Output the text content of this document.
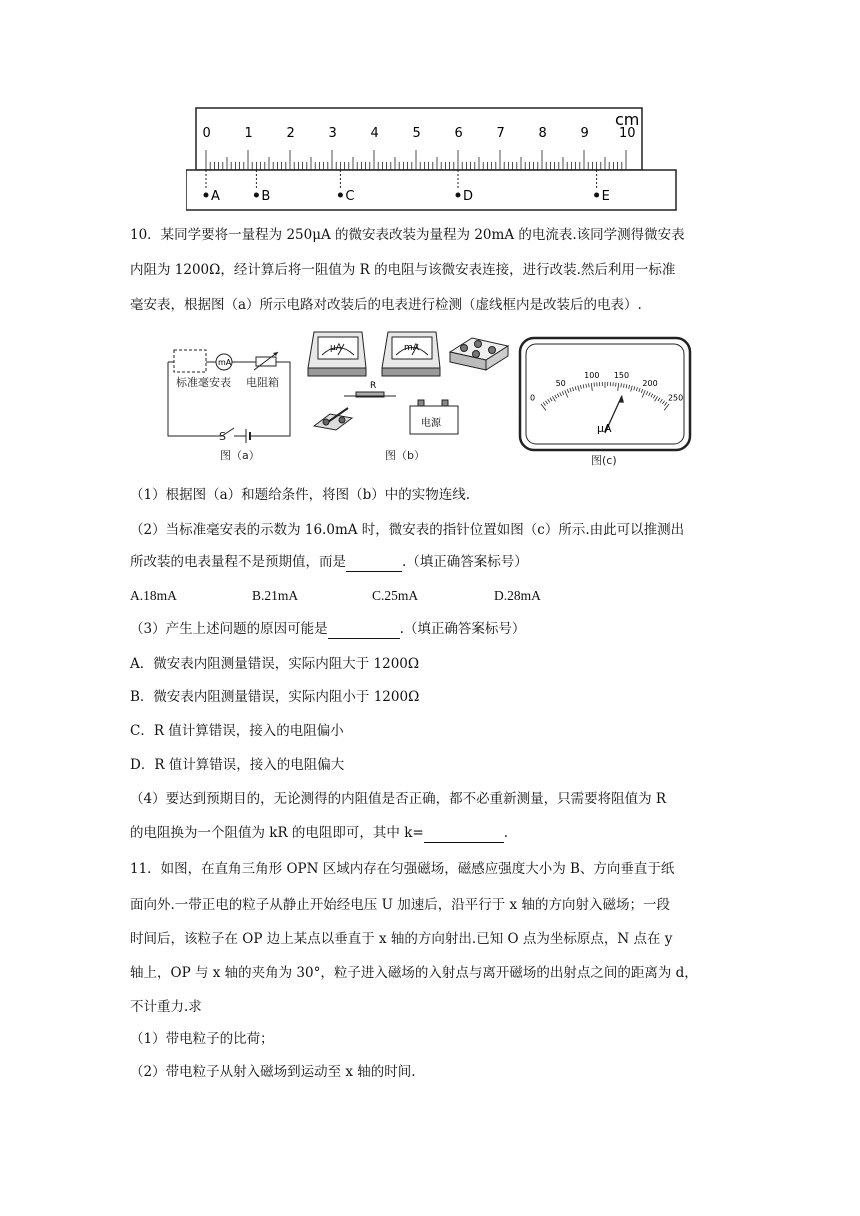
0	1	2	3	4	5	6	7	8	9 10
cm
A	B	C	D	E
10．某同学要将一量程为 250μA 的微安表改装为量程为 20mA 的电流表.该同学测得微安表
内阻为 1200Ω，经计算后将一阻值为 R 的电阻与该微安表连接，进行改装.然后利用一标准
毫安表，根据图（a）所示电路对改装后的电表进行检测（虚线框内是改装后的电表）.
mA
标准毫安表 电阻箱
S
图（a）
μA	mA
R
电源
图（b）
0
50
100 150
200
250
μA
图(c)
（1）根据图（a）和题给条件，将图（b）中的实物连线.
（2）当标准毫安表的示数为 16.0mA 时，微安表的指针位置如图（c）所示.由此可以推测出
所改装的电表量程不是预期值，而是	.（填正确答案标号）
A.18mA	B.21mA	C.25mA	D.28mA
（3）产生上述问题的原因可能是	.（填正确答案标号）
A．微安表内阻测量错误，实际内阻大于 1200Ω
B．微安表内阻测量错误，实际内阻小于 1200Ω
C．R 值计算错误，接入的电阻偏小
D．R 值计算错误，接入的电阻偏大
（4）要达到预期目的，无论测得的内阻值是否正确，都不必重新测量，只需要将阻值为 R
的电阻换为一个阻值为 kR 的电阻即可，其中 k=	.
11．如图，在直角三角形 OPN 区域内存在匀强磁场，磁感应强度大小为 B、方向垂直于纸
面向外.一带正电的粒子从静止开始经电压 U 加速后，沿平行于 x 轴的方向射入磁场；一段
时间后，该粒子在 OP 边上某点以垂直于 x 轴的方向射出.已知 O 点为坐标原点，N 点在 y
轴上，OP 与 x 轴的夹角为 30°，粒子进入磁场的入射点与离开磁场的出射点之间的距离为 d，
不计重力.求
（1）带电粒子的比荷；
（2）带电粒子从射入磁场到运动至 x 轴的时间.
